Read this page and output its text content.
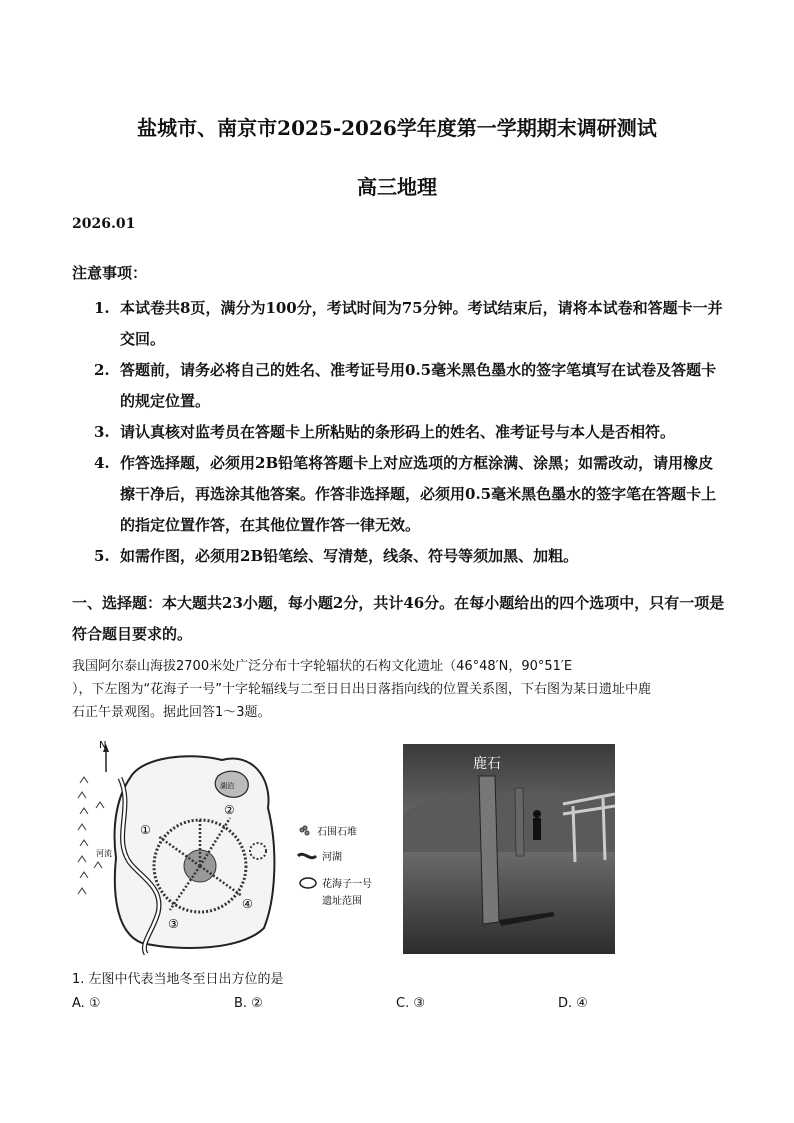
盐城市、南京市2025-2026学年度第一学期期末调研测试
高三地理
2026.01
注意事项：
1. 本试卷共8页，满分为100分，考试时间为75分钟。考试结束后，请将本试卷和答题卡一并交回。
2. 答题前，请务必将自己的姓名、准考证号用0.5毫米黑色墨水的签字笔填写在试卷及答题卡的规定位置。
3. 请认真核对监考员在答题卡上所粘贴的条形码上的姓名、准考证号与本人是否相符。
4. 作答选择题，必须用2B铅笔将答题卡上对应选项的方框涂满、涂黑；如需改动，请用橡皮擦干净后，再选涂其他答案。作答非选择题，必须用0.5毫米黑色墨水的签字笔在答题卡上的指定位置作答，在其他位置作答一律无效。
5. 如需作图，必须用2B铅笔绘、写清楚，线条、符号等须加黑、加粗。
一、选择题：本大题共23小题，每小题2分，共计46分。在每小题给出的四个选项中，只有一项是符合题目要求的。
我国阿尔泰山海拔2700米处广泛分布十字轮辐状的石构文化遗址（46°48′N，90°51′E
），下左图为“花海子一号”十字轮辐线与二至日日出日落指向线的位置关系图，下右图为某日遗址中鹿
石正午景观图。据此回答1～3题。
N
湖泊
河流
①
②
③
④
石围石堆
河湖
花海子一号
遗址范围
鹿石
1. 左图中代表当地冬至日出方位的是
A. ①	B. ②	C. ③	D. ④
